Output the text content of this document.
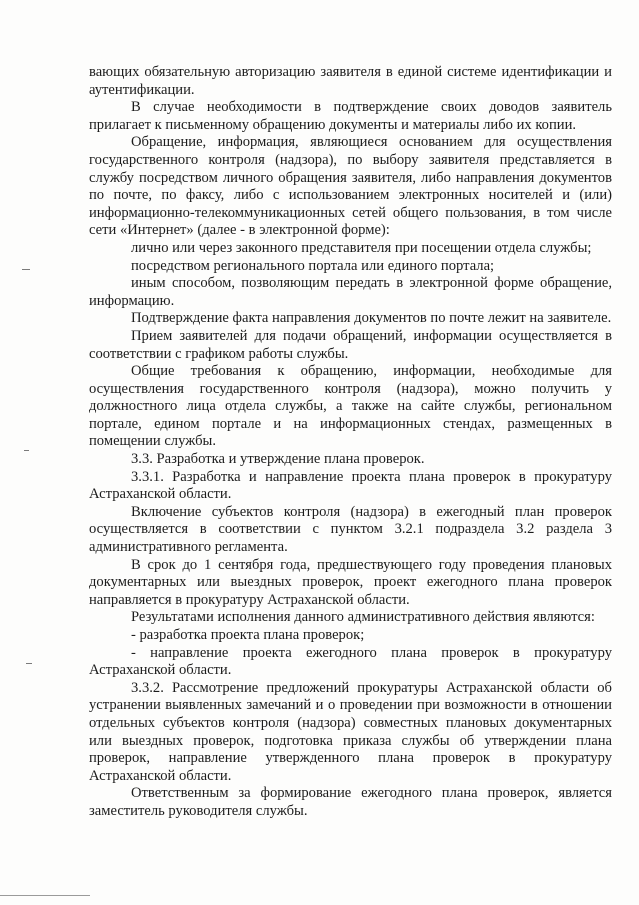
вающих обязательную авторизацию заявителя в единой системе идентификации и аутентификации.

В случае необходимости в подтверждение своих доводов заявитель прилагает к письменному обращению документы и материалы либо их копии.

Обращение, информация, являющиеся основанием для осуществления государственного контроля (надзора), по выбору заявителя представляется в службу посредством личного обращения заявителя, либо направления документов по почте, по факсу, либо с использованием электронных носителей и (или) информационно-телекоммуникационных сетей общего пользования, в том числе сети «Интернет» (далее - в электронной форме):

лично или через законного представителя при посещении отдела службы;

посредством регионального портала или единого портала;

иным способом, позволяющим передать в электронной форме обращение, информацию.

Подтверждение факта направления документов по почте лежит на заявителе.

Прием заявителей для подачи обращений, информации осуществляется в соответствии с графиком работы службы.

Общие требования к обращению, информации, необходимые для осуществления государственного контроля (надзора), можно получить у должностного лица отдела службы, а также на сайте службы, региональном портале, едином портале и на информационных стендах, размещенных в помещении службы.

3.3. Разработка и утверждение плана проверок.

3.3.1. Разработка и направление проекта плана проверок в прокуратуру Астраханской области.

Включение субъектов контроля (надзора) в ежегодный план проверок осуществляется в соответствии с пунктом 3.2.1 подраздела 3.2 раздела 3 административного регламента.

В срок до 1 сентября года, предшествующего году проведения плановых документарных или выездных проверок, проект ежегодного плана проверок направляется в прокуратуру Астраханской области.

Результатами исполнения данного административного действия являются:

- разработка проекта плана проверок;

- направление проекта ежегодного плана проверок в прокуратуру Астраханской области.

3.3.2. Рассмотрение предложений прокуратуры Астраханской области об устранении выявленных замечаний и о проведении при возможности в отношении отдельных субъектов контроля (надзора) совместных плановых документарных или выездных проверок, подготовка приказа службы об утверждении плана проверок, направление утвержденного плана проверок в прокуратуру Астраханской области.

Ответственным за формирование ежегодного плана проверок, является заместитель руководителя службы.
